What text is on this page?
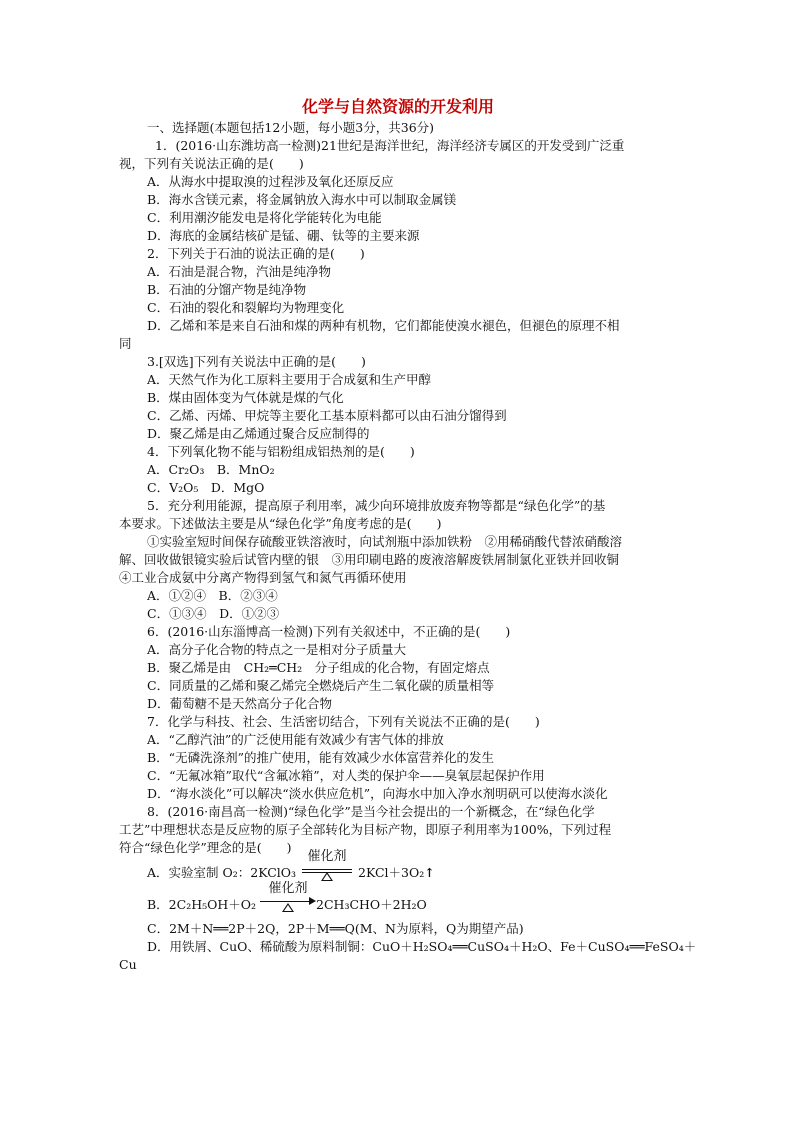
化学与自然资源的开发利用
一、选择题(本题包括12小题，每小题3分，共36分)
1．(2016·山东潍坊高一检测)21世纪是海洋世纪，海洋经济专属区的开发受到广泛重
视，下列有关说法正确的是(　　)
A．从海水中提取溴的过程涉及氧化还原反应
B．海水含镁元素，将金属钠放入海水中可以制取金属镁
C．利用潮汐能发电是将化学能转化为电能
D．海底的金属结核矿是锰、硼、钛等的主要来源
2．下列关于石油的说法正确的是(　　)
A．石油是混合物，汽油是纯净物
B．石油的分馏产物是纯净物
C．石油的裂化和裂解均为物理变化
D．乙烯和苯是来自石油和煤的两种有机物，它们都能使溴水褪色，但褪色的原理不相
同
3.[双选]下列有关说法中正确的是(　　)
A．天然气作为化工原料主要用于合成氨和生产甲醇
B．煤由固体变为气体就是煤的气化
C．乙烯、丙烯、甲烷等主要化工基本原料都可以由石油分馏得到
D．聚乙烯是由乙烯通过聚合反应制得的
4．下列氧化物不能与铝粉组成铝热剂的是(　　)
A．Cr₂O₃　B．MnO₂
C．V₂O₅　D．MgO
5．充分利用能源，提高原子利用率，减少向环境排放废弃物等都是“绿色化学”的基
本要求。下述做法主要是从“绿色化学”角度考虑的是(　　)
①实验室短时间保存硫酸亚铁溶液时，向试剂瓶中添加铁粉　②用稀硝酸代替浓硝酸溶
解、回收做银镜实验后试管内壁的银　③用印刷电路的废液溶解废铁屑制氯化亚铁并回收铜
④工业合成氨中分离产物得到氢气和氮气再循环使用
A．①②④　B．②③④
C．①③④　D．①②③
6．(2016·山东淄博高一检测)下列有关叙述中，不正确的是(　　)
A．高分子化合物的特点之一是相对分子质量大
B．聚乙烯是由　CH₂═CH₂　分子组成的化合物，有固定熔点
C．同质量的乙烯和聚乙烯完全燃烧后产生二氧化碳的质量相等
D．葡萄糖不是天然高分子化合物
7．化学与科技、社会、生活密切结合，下列有关说法不正确的是(　　)
A．“乙醇汽油”的广泛使用能有效减少有害气体的排放
B．“无磷洗涤剂”的推广使用，能有效减少水体富营养化的发生
C．“无氟冰箱”取代“含氟冰箱”，对人类的保护伞——臭氧层起保护作用
D．“海水淡化”可以解决“淡水供应危机”，向海水中加入净水剂明矾可以使海水淡化
8．(2016·南昌高一检测)“绿色化学”是当今社会提出的一个新概念，在“绿色化学
工艺”中理想状态是反应物的原子全部转化为目标产物，即原子利用率为100%，下列过程
符合“绿色化学”理念的是(　　)
A．实验室制 O₂：2KClO₃
催化剂
2KCl＋3O₂↑
B．2C₂H₅OH＋O₂
催化剂
2CH₃CHO＋2H₂O
C．2M＋N══2P＋2Q，2P＋M══Q(M、N为原料，Q为期望产品)
D．用铁屑、CuO、稀硫酸为原料制铜：CuO＋H₂SO₄══CuSO₄＋H₂O、Fe＋CuSO₄══FeSO₄＋
Cu
